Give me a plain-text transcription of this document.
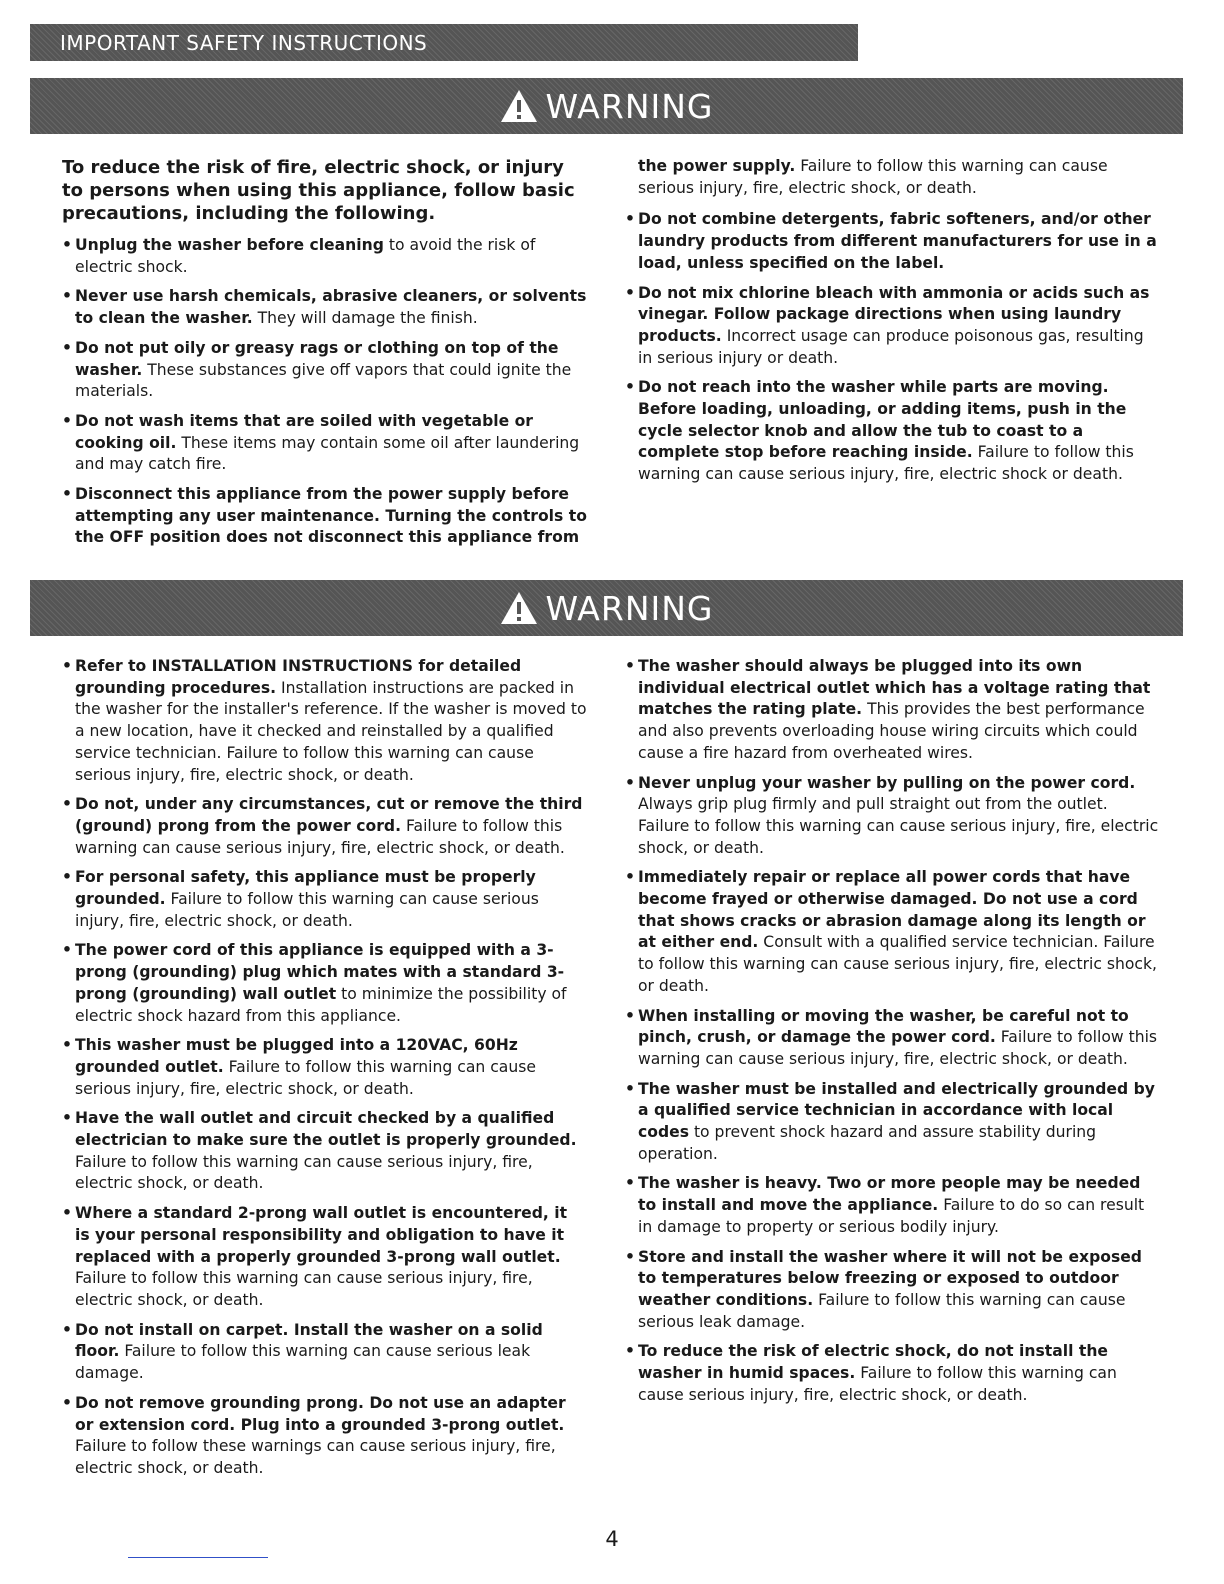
IMPORTANT SAFETY INSTRUCTIONS
WARNING
To reduce the risk of fire, electric shock, or injury to persons when using this appliance, follow basic precautions, including the following.
• Unplug the washer before cleaning to avoid the risk of electric shock.
• Never use harsh chemicals, abrasive cleaners, or solvents to clean the washer. They will damage the finish.
• Do not put oily or greasy rags or clothing on top of the washer. These substances give off vapors that could ignite the materials.
• Do not wash items that are soiled with vegetable or cooking oil. These items may contain some oil after laundering and may catch fire.
• Disconnect this appliance from the power supply before attempting any user maintenance. Turning the controls to the OFF position does not disconnect this appliance from
the power supply. Failure to follow this warning can cause serious injury, fire, electric shock, or death.
• Do not combine detergents, fabric softeners, and/or other laundry products from different manufacturers for use in a load, unless specified on the label.
• Do not mix chlorine bleach with ammonia or acids such as vinegar. Follow package directions when using laundry products. Incorrect usage can produce poisonous gas, resulting in serious injury or death.
• Do not reach into the washer while parts are moving. Before loading, unloading, or adding items, push in the cycle selector knob and allow the tub to coast to a complete stop before reaching inside. Failure to follow this warning can cause serious injury, fire, electric shock or death.
WARNING
• Refer to INSTALLATION INSTRUCTIONS for detailed grounding procedures. Installation instructions are packed in the washer for the installer's reference. If the washer is moved to a new location, have it checked and reinstalled by a qualified service technician. Failure to follow this warning can cause serious injury, fire, electric shock, or death.
• Do not, under any circumstances, cut or remove the third (ground) prong from the power cord. Failure to follow this warning can cause serious injury, fire, electric shock, or death.
• For personal safety, this appliance must be properly grounded. Failure to follow this warning can cause serious injury, fire, electric shock, or death.
• The power cord of this appliance is equipped with a 3-prong (grounding) plug which mates with a standard 3-prong (grounding) wall outlet to minimize the possibility of electric shock hazard from this appliance.
• This washer must be plugged into a 120VAC, 60Hz grounded outlet. Failure to follow this warning can cause serious injury, fire, electric shock, or death.
• Have the wall outlet and circuit checked by a qualified electrician to make sure the outlet is properly grounded. Failure to follow this warning can cause serious injury, fire, electric shock, or death.
• Where a standard 2-prong wall outlet is encountered, it is your personal responsibility and obligation to have it replaced with a properly grounded 3-prong wall outlet. Failure to follow this warning can cause serious injury, fire, electric shock, or death.
• Do not install on carpet. Install the washer on a solid floor. Failure to follow this warning can cause serious leak damage.
• Do not remove grounding prong. Do not use an adapter or extension cord. Plug into a grounded 3-prong outlet. Failure to follow these warnings can cause serious injury, fire, electric shock, or death.
• The washer should always be plugged into its own individual electrical outlet which has a voltage rating that matches the rating plate. This provides the best performance and also prevents overloading house wiring circuits which could cause a fire hazard from overheated wires.
• Never unplug your washer by pulling on the power cord. Always grip plug firmly and pull straight out from the outlet. Failure to follow this warning can cause serious injury, fire, electric shock, or death.
• Immediately repair or replace all power cords that have become frayed or otherwise damaged. Do not use a cord that shows cracks or abrasion damage along its length or at either end. Consult with a qualified service technician. Failure to follow this warning can cause serious injury, fire, electric shock, or death.
• When installing or moving the washer, be careful not to pinch, crush, or damage the power cord. Failure to follow this warning can cause serious injury, fire, electric shock, or death.
• The washer must be installed and electrically grounded by a qualified service technician in accordance with local codes to prevent shock hazard and assure stability during operation.
• The washer is heavy. Two or more people may be needed to install and move the appliance. Failure to do so can result in damage to property or serious bodily injury.
• Store and install the washer where it will not be exposed to temperatures below freezing or exposed to outdoor weather conditions. Failure to follow this warning can cause serious leak damage.
• To reduce the risk of electric shock, do not install the washer in humid spaces. Failure to follow this warning can cause serious injury, fire, electric shock, or death.
4
